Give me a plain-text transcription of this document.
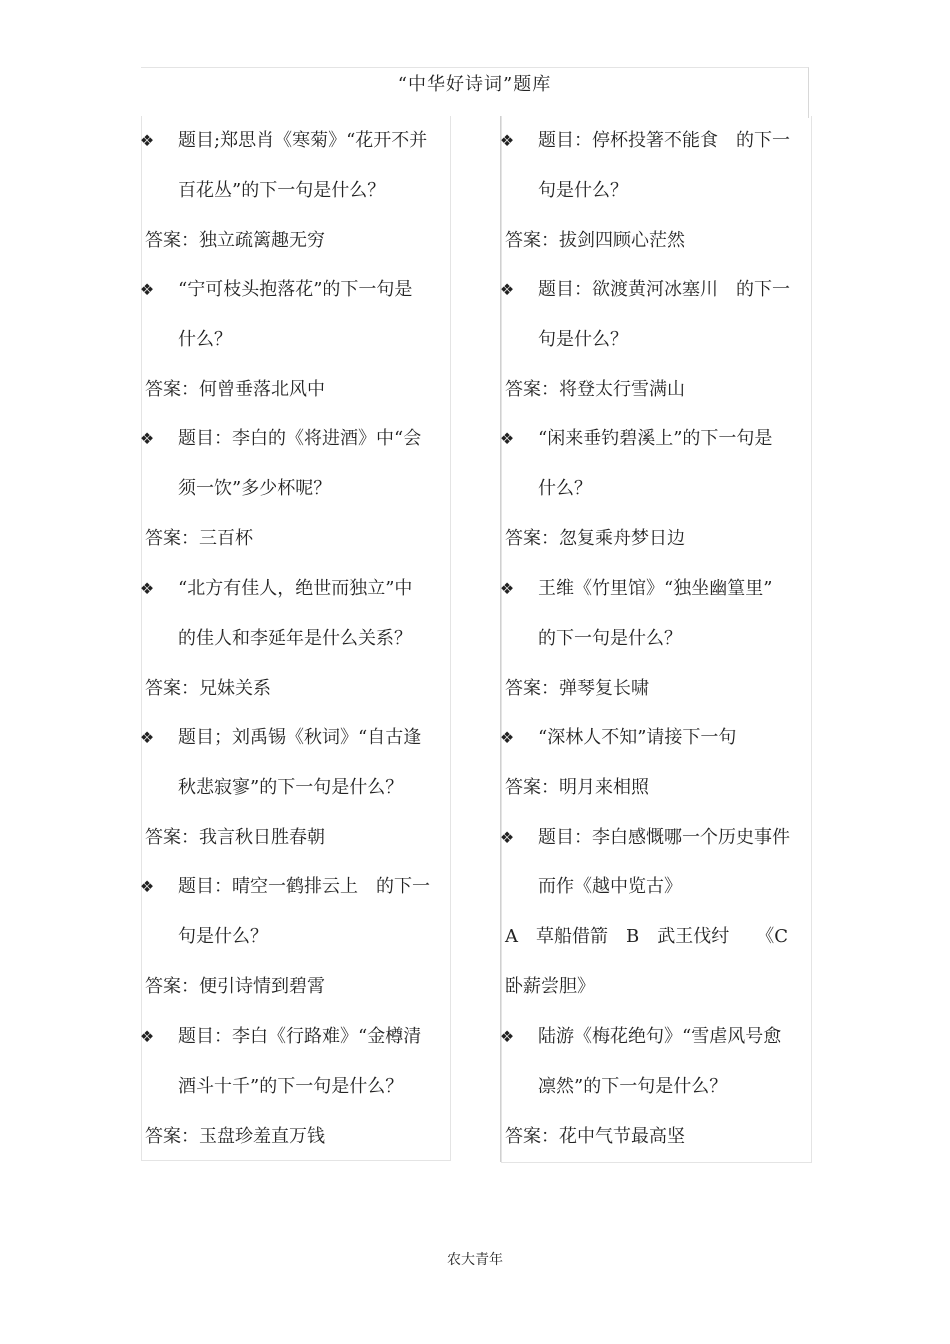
“中华好诗词”题库
❖ 题目;郑思肖《寒菊》“花开不并
百花丛”的下一句是什么？
答案：独立疏篱趣无穷
❖ “宁可枝头抱落花”的下一句是
什么？
答案：何曾垂落北风中
❖ 题目：李白的《将进酒》中“会
须一饮”多少杯呢？
答案：三百杯
❖ “北方有佳人，绝世而独立”中
的佳人和李延年是什么关系？
答案：兄妹关系
❖ 题目；刘禹锡《秋词》“自古逢
秋悲寂寥”的下一句是什么？
答案：我言秋日胜春朝
❖ 题目：晴空一鹤排云上　的下一
句是什么？
答案：便引诗情到碧霄
❖ 题目：李白《行路难》“金樽清
酒斗十千”的下一句是什么？
答案：玉盘珍羞直万钱
❖ 题目：停杯投箸不能食　的下一
句是什么？
答案：拔剑四顾心茫然
❖ 题目：欲渡黄河冰塞川　的下一
句是什么？
答案：将登太行雪满山
❖ “闲来垂钓碧溪上”的下一句是
什么？
答案：忽复乘舟梦日边
❖ 王维《竹里馆》“独坐幽篁里”
的下一句是什么？
答案：弹琴复长啸
❖ “深林人不知”请接下一句
答案：明月来相照
❖ 题目：李白感慨哪一个历史事件
而作《越中览古》
A　草船借箭　B　武王伐纣　　《C
卧薪尝胆》
❖ 陆游《梅花绝句》“雪虐风号愈
凛然”的下一句是什么？
答案：花中气节最高坚
农大青年
